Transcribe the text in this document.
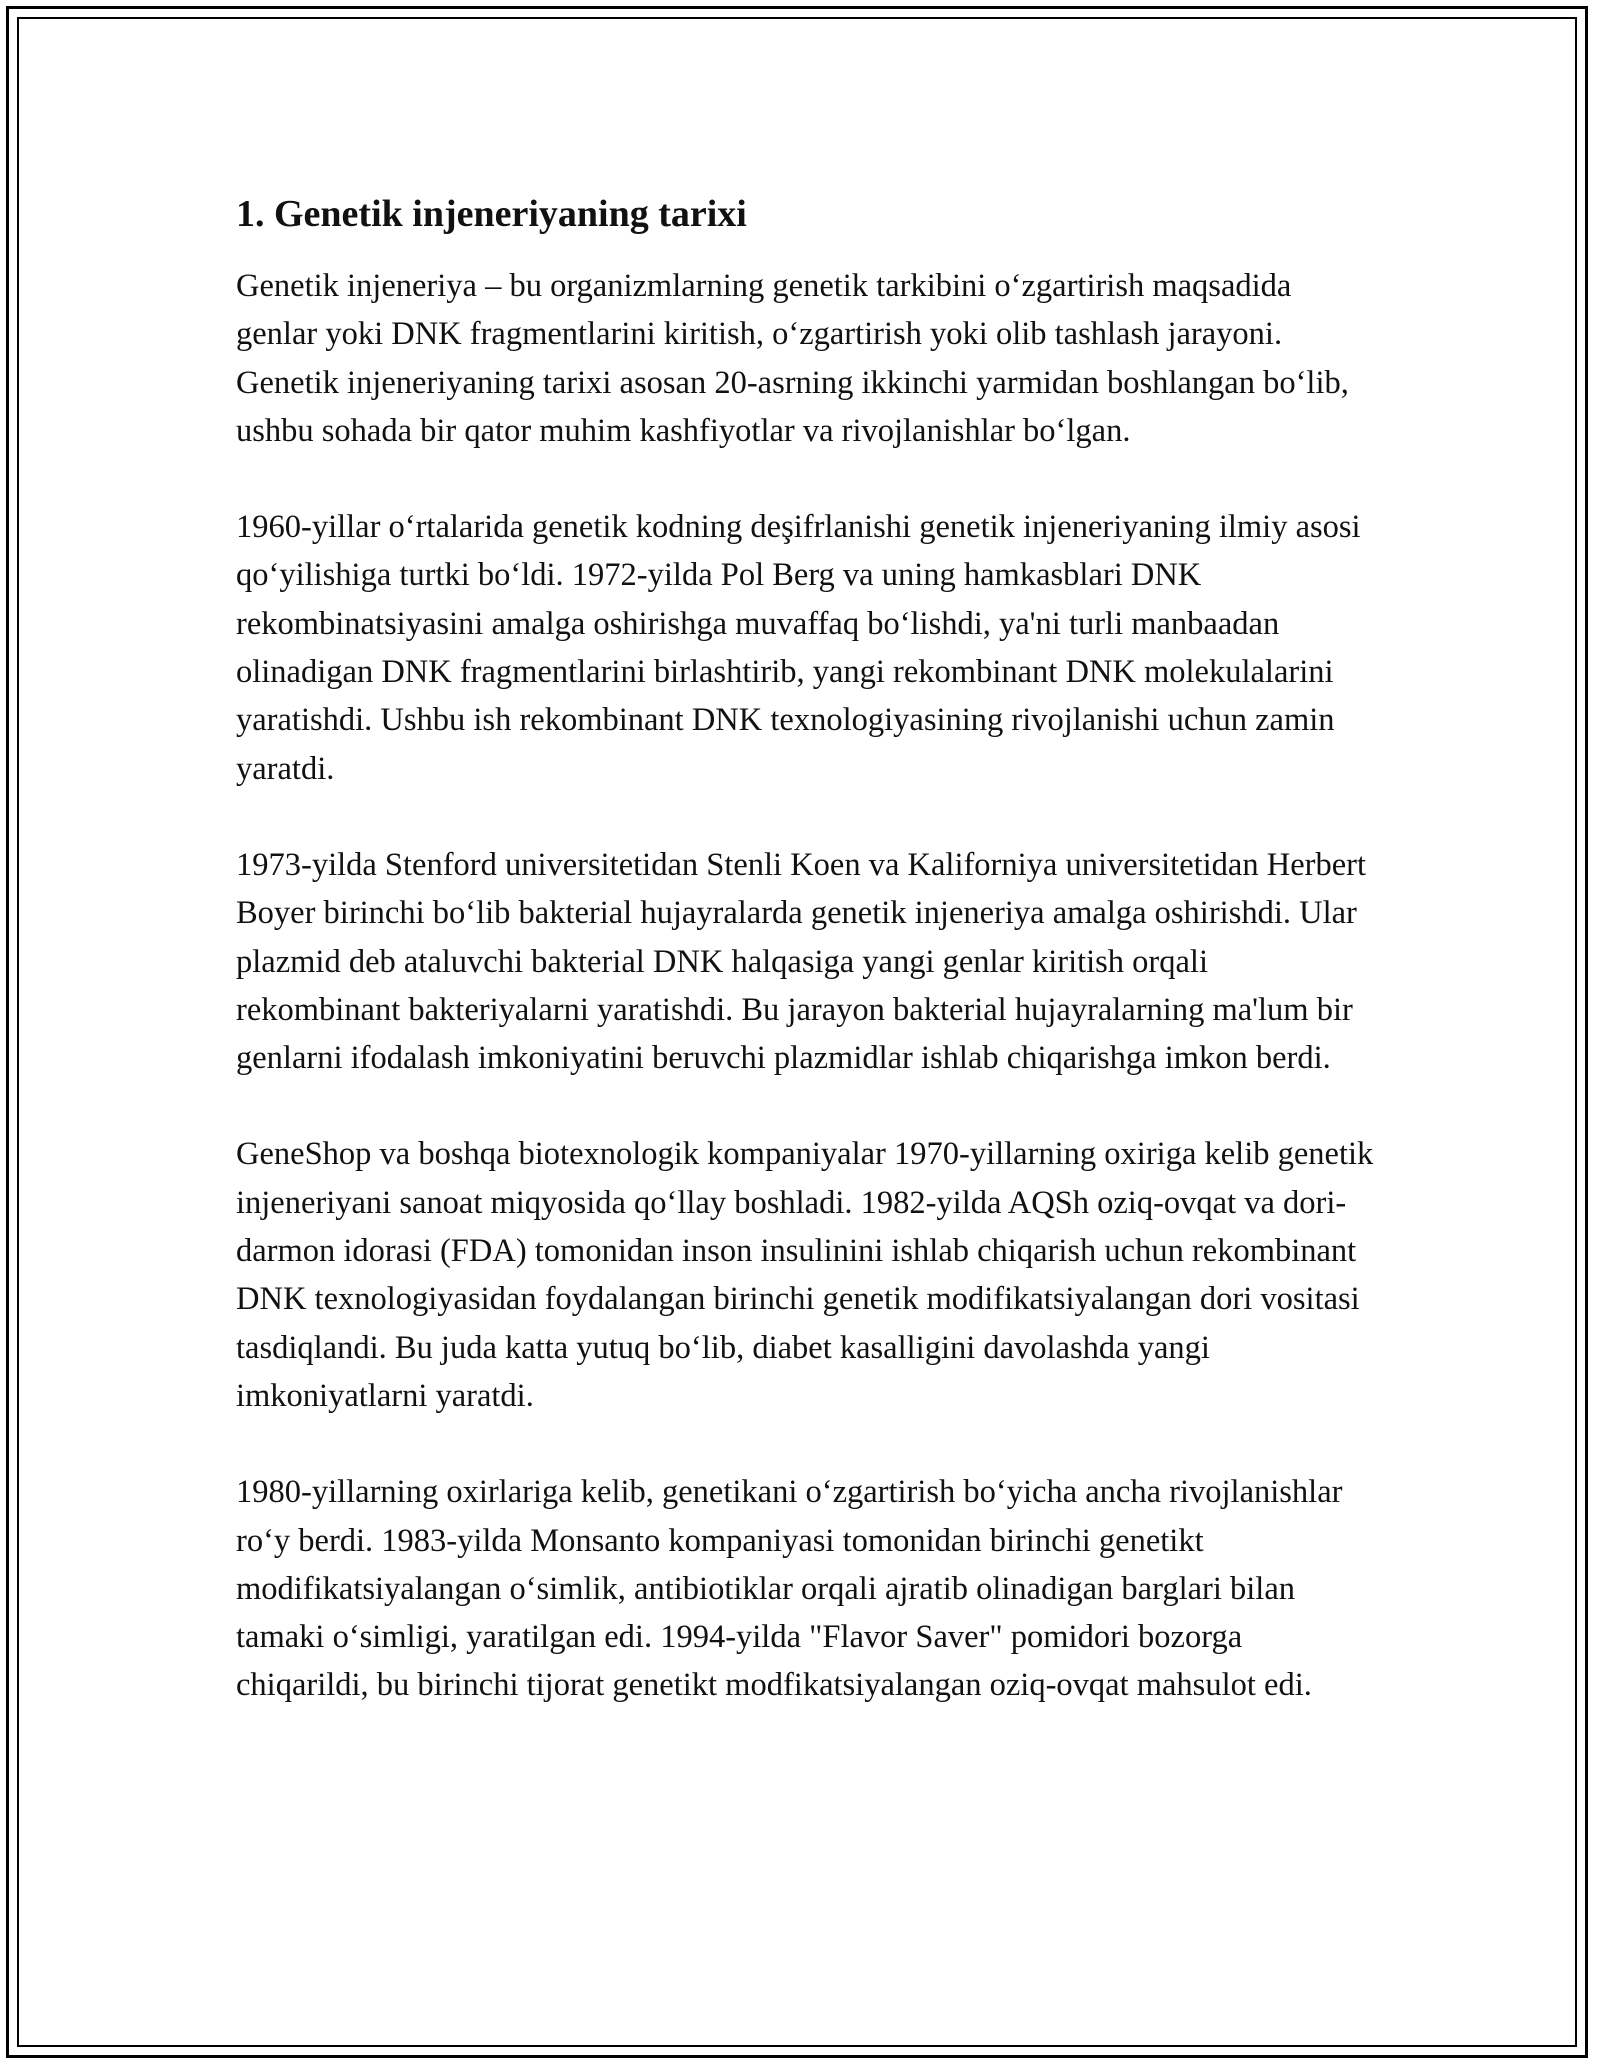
1. Genetik injeneriyaning tarixi

Genetik injeneriya – bu organizmlarning genetik tarkibini o‘zgartirish maqsadida genlar yoki DNK fragmentlarini kiritish, o‘zgartirish yoki olib tashlash jarayoni. Genetik injeneriyaning tarixi asosan 20-asrning ikkinchi yarmidan boshlangan bo‘lib, ushbu sohada bir qator muhim kashfiyotlar va rivojlanishlar bo‘lgan.

1960-yillar o‘rtalarida genetik kodning deşifrlanishi genetik injeneriyaning ilmiy asosi qo‘yilishiga turtki bo‘ldi. 1972-yilda Pol Berg va uning hamkasblari DNK rekombinatsiyasini amalga oshirishga muvaffaq bo‘lishdi, ya'ni turli manbaadan olinadigan DNK fragmentlarini birlashtirib, yangi rekombinant DNK molekulalarini yaratishdi. Ushbu ish rekombinant DNK texnologiyasining rivojlanishi uchun zamin yaratdi.

1973-yilda Stenford universitetidan Stenli Koen va Kaliforniya universitetidan Herbert Boyer birinchi bo‘lib bakterial hujayralarda genetik injeneriya amalga oshirishdi. Ular plazmid deb ataluvchi bakterial DNK halqasiga yangi genlar kiritish orqali rekombinant bakteriyalarni yaratishdi. Bu jarayon bakterial hujayralarning ma'lum bir genlarni ifodalash imkoniyatini beruvchi plazmidlar ishlab chiqarishga imkon berdi.

GeneShop va boshqa biotexnologik kompaniyalar 1970-yillarning oxiriga kelib genetik injeneriyani sanoat miqyosida qo‘llay boshladi. 1982-yilda AQSh oziq-ovqat va dori-darmon idorasi (FDA) tomonidan inson insulinini ishlab chiqarish uchun rekombinant DNK texnologiyasidan foydalangan birinchi genetik modifikatsiyalangan dori vositasi tasdiqlandi. Bu juda katta yutuq bo‘lib, diabet kasalligini davolashda yangi imkoniyatlarni yaratdi.

1980-yillarning oxirlariga kelib, genetikani o‘zgartirish bo‘yicha ancha rivojlanishlar ro‘y berdi. 1983-yilda Monsanto kompaniyasi tomonidan birinchi genetikt modifikatsiyalangan o‘simlik, antibiotiklar orqali ajratib olinadigan barglari bilan tamaki o‘simligi, yaratilgan edi. 1994-yilda "Flavor Saver" pomidori bozorga chiqarildi, bu birinchi tijorat genetikt modfikatsiyalangan oziq-ovqat mahsulot edi.
